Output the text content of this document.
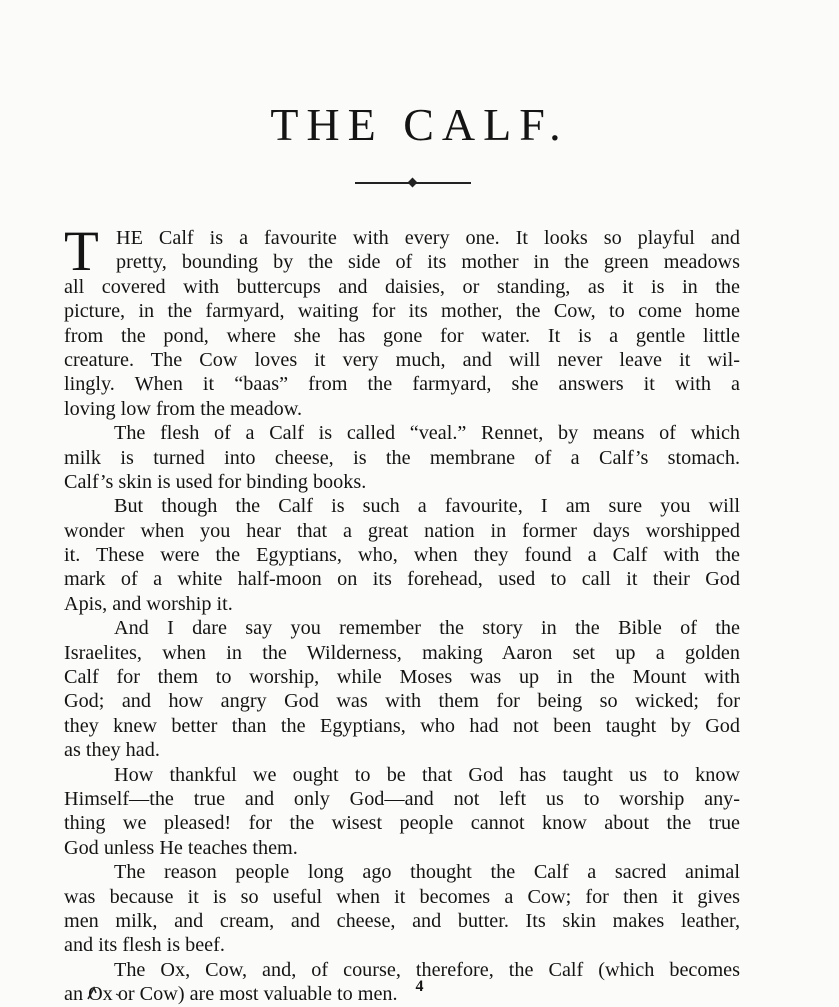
THE CALF.
T HE Calf is a favourite with every one. It looks so playful and
pretty, bounding by the side of its mother in the green meadows
all covered with buttercups and daisies, or standing, as it is in the
picture, in the farmyard, waiting for its mother, the Cow, to come home
from the pond, where she has gone for water. It is a gentle little
creature. The Cow loves it very much, and will never leave it wil-
lingly. When it “baas” from the farmyard, she answers it with a
loving low from the meadow.
The flesh of a Calf is called “veal.” Rennet, by means of which
milk is turned into cheese, is the membrane of a Calf’s stomach.
Calf’s skin is used for binding books.
But though the Calf is such a favourite, I am sure you will
wonder when you hear that a great nation in former days worshipped
it. These were the Egyptians, who, when they found a Calf with the
mark of a white half-moon on its forehead, used to call it their God
Apis, and worship it.
And I dare say you remember the story in the Bible of the
Israelites, when in the Wilderness, making Aaron set up a golden
Calf for them to worship, while Moses was up in the Mount with
God; and how angry God was with them for being so wicked; for
they knew better than the Egyptians, who had not been taught by God
as they had.
How thankful we ought to be that God has taught us to know
Himself—the true and only God—and not left us to worship any-
thing we pleased! for the wisest people cannot know about the true
God unless He teaches them.
The reason people long ago thought the Calf a sacred animal
was because it is so useful when it becomes a Cow; for then it gives
men milk, and cream, and cheese, and butter. Its skin makes leather,
and its flesh is beef.
The Ox, Cow, and, of course, therefore, the Calf (which becomes
an Ox or Cow) are most valuable to men.	4
